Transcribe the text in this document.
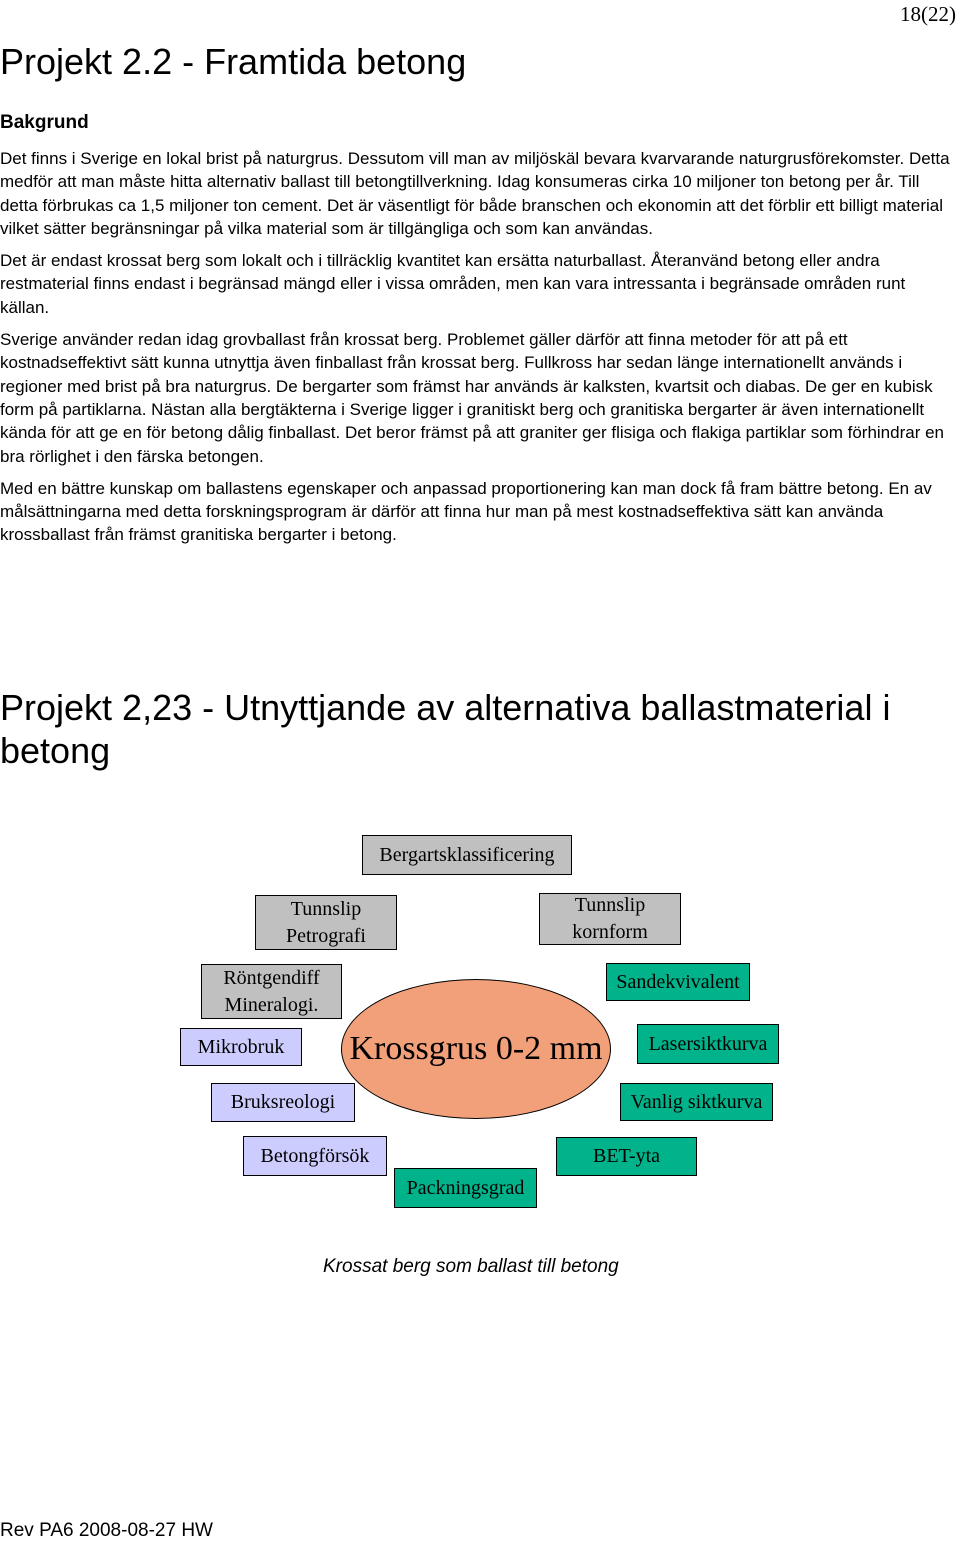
18(22)
Projekt 2.2 - Framtida betong
Bakgrund

Det finns i Sverige en lokal brist på naturgrus. Dessutom vill man av miljöskäl bevara kvarvarande naturgrusförekomster. Detta medför att man måste hitta alternativ ballast till betongtillverkning. Idag konsumeras cirka 10 miljoner ton betong per år. Till detta förbrukas ca 1,5 miljoner ton cement. Det är väsentligt för både branschen och ekonomin att det förblir ett billigt material vilket sätter begränsningar på vilka material som är tillgängliga och som kan användas.

Det är endast krossat berg som lokalt och i tillräcklig kvantitet kan ersätta naturballast. Återanvänd betong eller andra restmaterial finns endast i begränsad mängd eller i vissa områden, men kan vara intressanta i begränsade områden runt källan.

Sverige använder redan idag grovballast från krossat berg. Problemet gäller därför att finna metoder för att på ett kostnadseffektivt sätt kunna utnyttja även finballast från krossat berg. Fullkross har sedan länge internationellt används i regioner med brist på bra naturgrus. De bergarter som främst har används är kalksten, kvartsit och diabas. De ger en kubisk form på partiklarna. Nästan alla bergtäkterna i Sverige ligger i granitiskt berg och granitiska bergarter är även internationellt kända för att ge en för betong dålig finballast. Det beror främst på att graniter ger flisiga och flakiga partiklar som förhindrar en bra rörlighet i den färska betongen.

Med en bättre kunskap om ballastens egenskaper och anpassad proportionering kan man dock få fram bättre betong. En av målsättningarna med detta forskningsprogram är därför att finna hur man på mest kostnadseffektiva sätt kan använda krossballast från främst granitiska bergarter i betong.

Projekt 2,23 - Utnyttjande av alternativa ballastmaterial i betong
Bergartsklassificering
Tunnslip
Petrografi
Tunnslip
kornform
Röntgendiff
Mineralogi.
Sandekvivalent
Mikrobruk	Lasersiktkurva
Krossgrus 0-2 mm
Bruksreologi	Vanlig siktkurva
Betongförsök	BET-yta
Packningsgrad
Krossat berg som ballast till betong
Rev PA6 2008-08-27 HW
